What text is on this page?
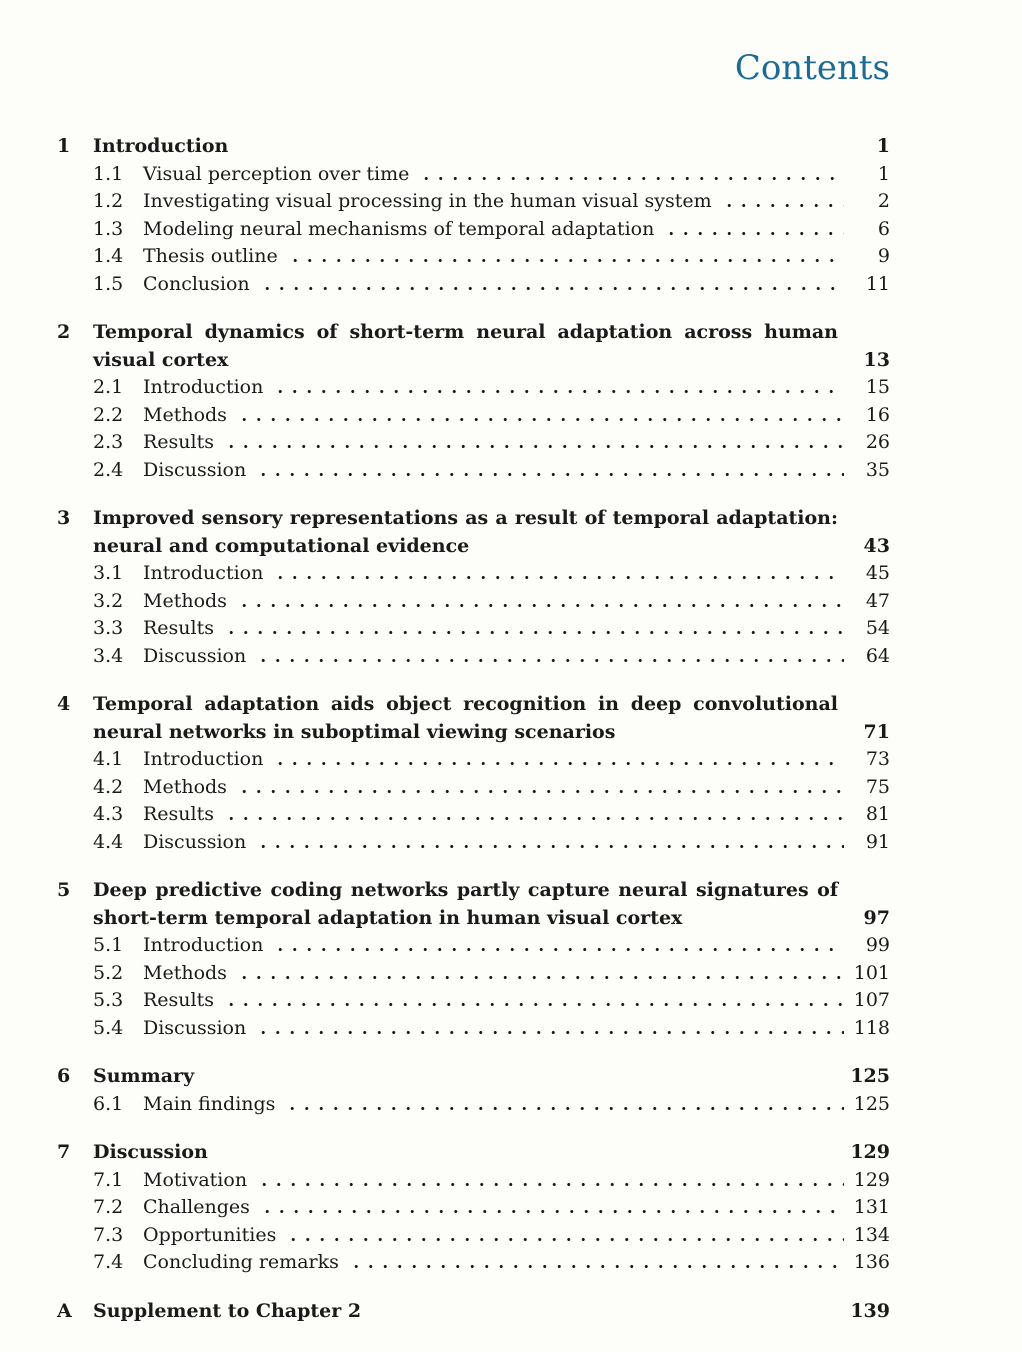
Contents
1	Introduction	1
1.1	Visual perception over time	1
1.2	Investigating visual processing in the human visual system	2
1.3	Modeling neural mechanisms of temporal adaptation	6
1.4	Thesis outline	9
1.5	Conclusion	11
2	Temporal dynamics of short-term neural adaptation across human visual cortex	13
2.1	Introduction	15
2.2	Methods	16
2.3	Results	26
2.4	Discussion	35
3	Improved sensory representations as a result of temporal adaptation: neural and computational evidence	43
3.1	Introduction	45
3.2	Methods	47
3.3	Results	54
3.4	Discussion	64
4	Temporal adaptation aids object recognition in deep convolutional neural networks in suboptimal viewing scenarios	71
4.1	Introduction	73
4.2	Methods	75
4.3	Results	81
4.4	Discussion	91
5	Deep predictive coding networks partly capture neural signatures of short-term temporal adaptation in human visual cortex	97
5.1	Introduction	99
5.2	Methods	101
5.3	Results	107
5.4	Discussion	118
6	Summary	125
6.1	Main findings	125
7	Discussion	129
7.1	Motivation	129
7.2	Challenges	131
7.3	Opportunities	134
7.4	Concluding remarks	136
A	Supplement to Chapter 2	139
